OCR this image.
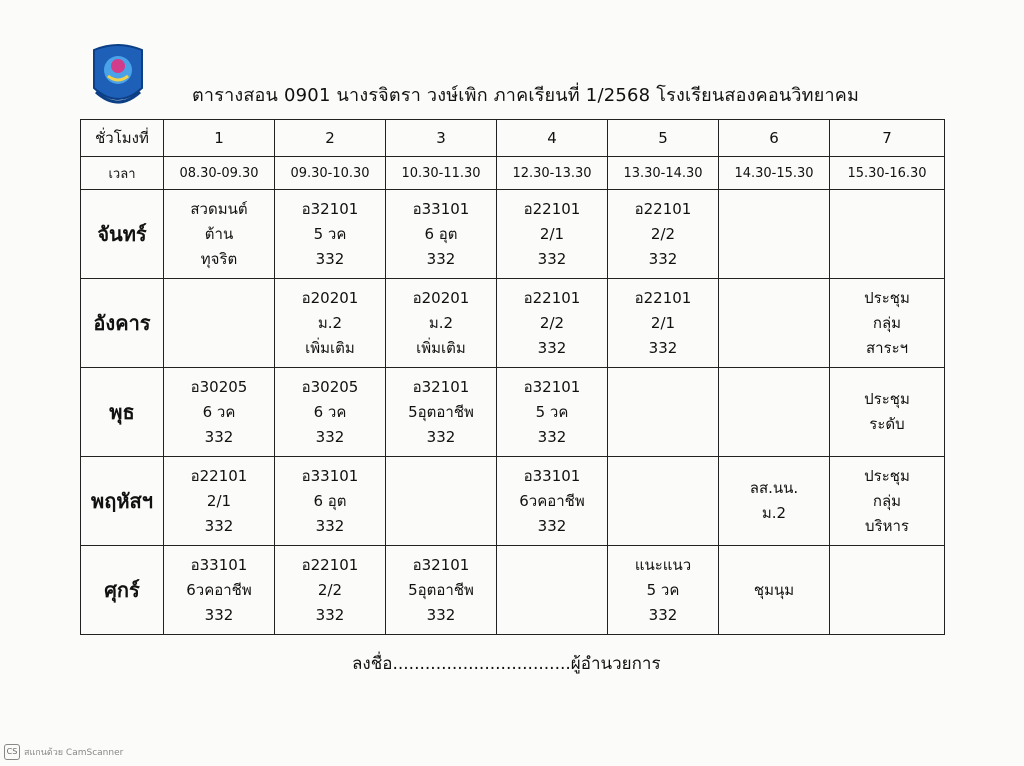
ตารางสอน 0901 นางรจิตรา วงษ์เพิก ภาคเรียนที่ 1/2568 โรงเรียนสองคอนวิทยาคม
ชั่วโมงที่	1	2	3	4	5	6	7
เวลา	08.30-09.30	09.30-10.30	10.30-11.30	12.30-13.30	13.30-14.30	14.30-15.30	15.30-16.30
จันทร์	สวดมนต์
ต้าน
ทุจริต	อ32101
5 วค
332	อ33101
6 อุต
332	อ22101
2/1
332	อ22101
2/2
332		

อังคาร		อ20201
ม.2
เพิ่มเติม	อ20201
ม.2
เพิ่มเติม	อ22101
2/2
332	อ22101
2/1
332		ประชุม
กลุ่ม
สาระฯ

พุธ	อ30205
6 วค
332	อ30205
6 วค
332	อ32101
5อุตอาชีพ
332	อ32101
5 วค
332			ประชุม
ระดับ

พฤหัสฯ	อ22101
2/1
332	อ33101
6 อุต
332		อ33101
6วคอาชีพ
332		ลส.นน.
ม.2	ประชุม
กลุ่ม
บริหาร

ศุกร์	อ33101
6วคอาชีพ
332	อ22101
2/2
332	อ32101
5อุตอาชีพ
332		แนะแนว
5 วค
332	ชุมนุม	

ลงชื่อ.................................ผู้อำนวยการ
CS สแกนด้วย CamScanner
